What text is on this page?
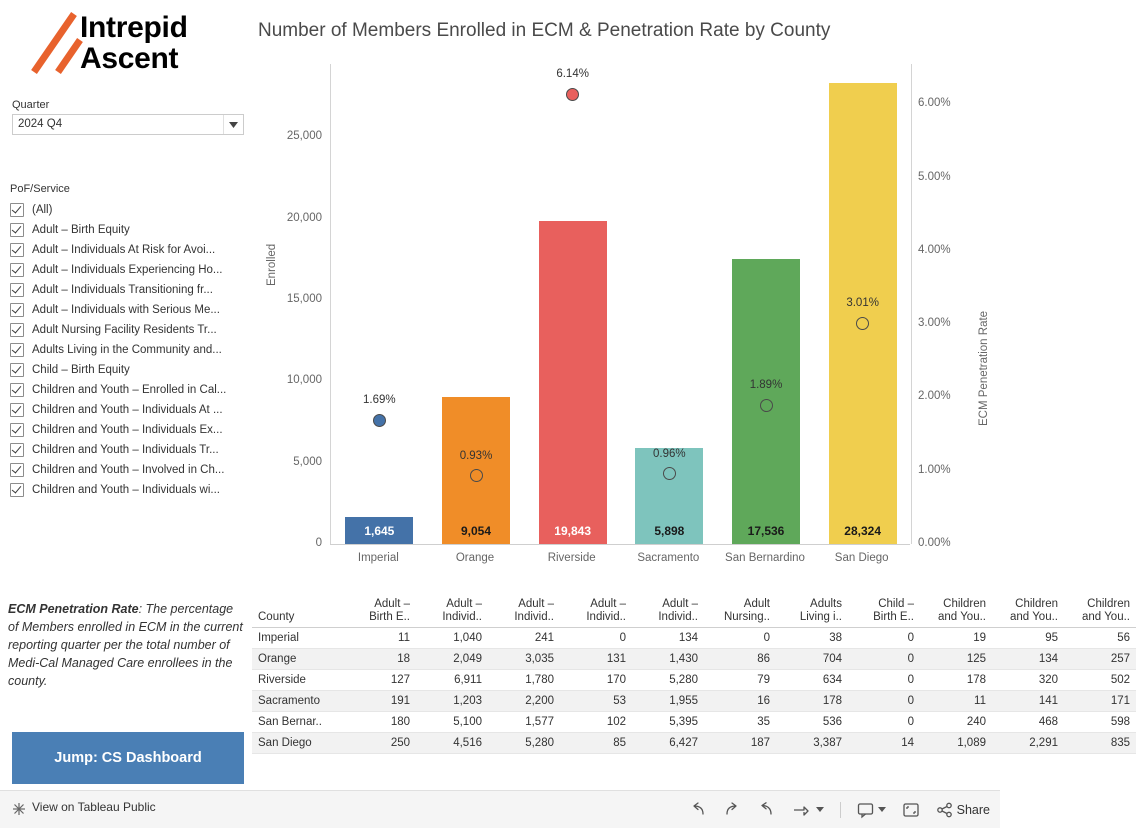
Intrepid
Ascent
Quarter
2024 Q4
PoF/Service
(All)
Adult – Birth Equity
Adult – Individuals At Risk for Avoi...
Adult – Individuals Experiencing Ho...
Adult – Individuals Transitioning fr...
Adult – Individuals with Serious Me...
Adult Nursing Facility Residents Tr...
Adults Living in the Community and...
Child – Birth Equity
Children and Youth – Enrolled in Cal...
Children and Youth – Individuals At ...
Children and Youth – Individuals Ex...
Children and Youth – Individuals Tr...
Children and Youth – Involved in Ch...
Children and Youth – Individuals wi...
ECM Penetration Rate: The percentage of Members enrolled in ECM in the current reporting quarter per the total number of Medi-Cal Managed Care enrollees in the county.
Jump: CS Dashboard
Number of Members Enrolled in ECM & Penetration Rate by County
Enrolled
ECM Penetration Rate
1,645
1.69%
9,054
0.93%
19,843
6.14%
5,898
0.96%
17,536
1.89%
28,324
3.01%
0
5,000
10,000
15,000
20,000
25,000
0.00%
1.00%
2.00%
3.00%
4.00%
5.00%
6.00%
Imperial	Orange	Riverside	Sacramento	San Bernardino	San Diego
County	Adult – Birth E..	Adult – Individ..	Adult – Individ..	Adult – Individ..	Adult – Individ..	Adult Nursing..	Adults Living i..	Child – Birth E..	Children and You..	Children and You..	Children and You..
Imperial	11	1,040	241	0	134	0	38	0	19	95	56
Orange	18	2,049	3,035	131	1,430	86	704	0	125	134	257
Riverside	127	6,911	1,780	170	5,280	79	634	0	178	320	502
Sacramento	191	1,203	2,200	53	1,955	16	178	0	11	141	171
San Bernar..	180	5,100	1,577	102	5,395	35	536	0	240	468	598
San Diego	250	4,516	5,280	85	6,427	187	3,387	14	1,089	2,291	835
View on Tableau Public	Share
